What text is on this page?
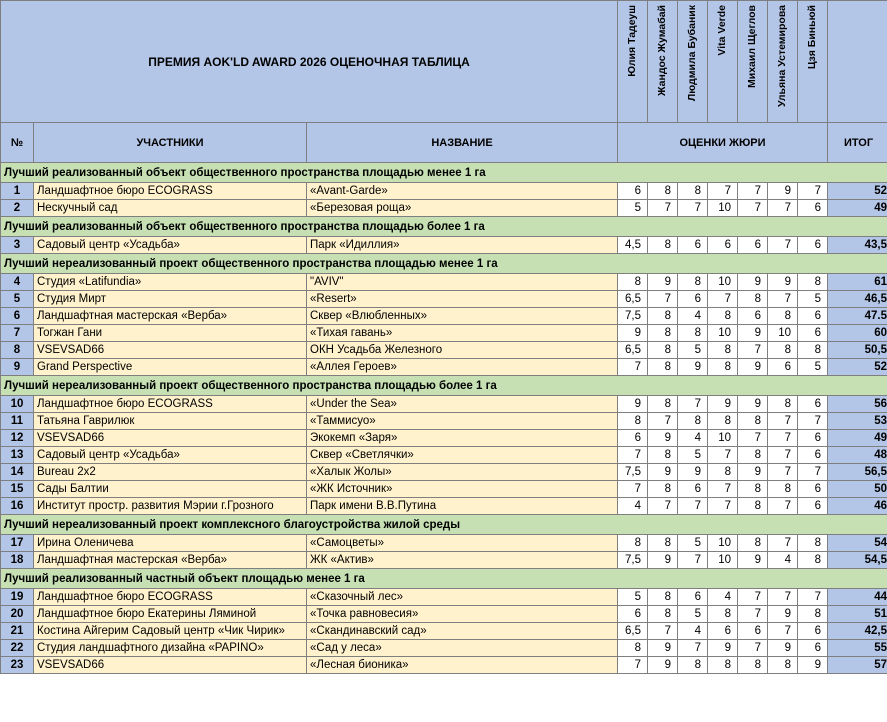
ПРЕМИЯ AOK'LD AWARD 2026 ОЦЕНОЧНАЯ ТАБЛИЦА			Юлия Тадеуш	Жандос Жумабай	Людмила Бубаник	Vita Verde	Михаил Щеглов	Ульяна Устемирова	Цзя Биньюй	

№	УЧАСТНИКИ	НАЗВАНИЕ	ОЦЕНКИ ЖЮРИ							ИТОГ
Лучший реализованный объект общественного пространства площадью менее 1 га										
1	Ландшафтное бюро ECOGRASS	«Avant-Garde»	6	8	8	7	7	9	7	52
2	Нескучный сад	«Березовая роща»	5	7	7	10	7	7	6	49
Лучший реализованный объект общественного пространства площадью более 1 га										
3	Садовый центр «Усадьба»	Парк «Идиллия»	4,5	8	6	6	6	7	6	43,5
Лучший нереализованный проект общественного пространства площадью менее 1 га										
4	Студия «Latifundia»	"AVIV"	8	9	8	10	9	9	8	61
5	Студия Мирт	«Resert»	6,5	7	6	7	8	7	5	46,5
6	Ландшафтная мастерская «Верба»	Сквер «Влюбленных»	7,5	8	4	8	6	8	6	47.5
7	Тогжан Гани	«Тихая гавань»	9	8	8	10	9	10	6	60
8	VSEVSAD66	ОКН Усадьба Железного	6,5	8	5	8	7	8	8	50,5
9	Grand Perspective	«Аллея Героев»	7	8	9	8	9	6	5	52
Лучший нереализованный проект общественного пространства площадью более 1 га										
10	Ландшафтное бюро ECOGRASS	«Under the Sea»	9	8	7	9	9	8	6	56
11	Татьяна Гаврилюк	«Таммисуо»	8	7	8	8	8	7	7	53
12	VSEVSAD66	Экокемп «Заря»	6	9	4	10	7	7	6	49
13	Садовый центр «Усадьба»	Сквер «Светлячки»	7	8	5	7	8	7	6	48
14	Bureau 2x2	«Халык Жолы»	7,5	9	9	8	9	7	7	56,5
15	Сады Балтии	«ЖК Источник»	7	8	6	7	8	8	6	50
16	Институт простр. развития Мэрии г.Грозного	Парк имени В.В.Путина	4	7	7	7	8	7	6	46
Лучший нереализованный проект комплексного благоустройства жилой среды										
17	Ирина Оленичева	«Самоцветы»	8	8	5	10	8	7	8	54
18	Ландшафтная мастерская «Верба»	ЖК «Актив»	7,5	9	7	10	9	4	8	54,5
Лучший реализованный частный объект площадью менее 1 га										
19	Ландшафтное бюро ECOGRASS	«Сказочный лес»	5	8	6	4	7	7	7	44
20	Ландшафтное бюро Екатерины Ляминой	«Точка равновесия»	6	8	5	8	7	9	8	51
21	Костина Айгерим Садовый центр «Чик Чирик»	«Скандинавский сад»	6,5	7	4	6	6	7	6	42,5
22	Студия ландшафтного дизайна «PAPINO»	«Сад у леса»	8	9	7	9	7	9	6	55
23	VSEVSAD66	«Лесная бионика»	7	9	8	8	8	8	9	57
